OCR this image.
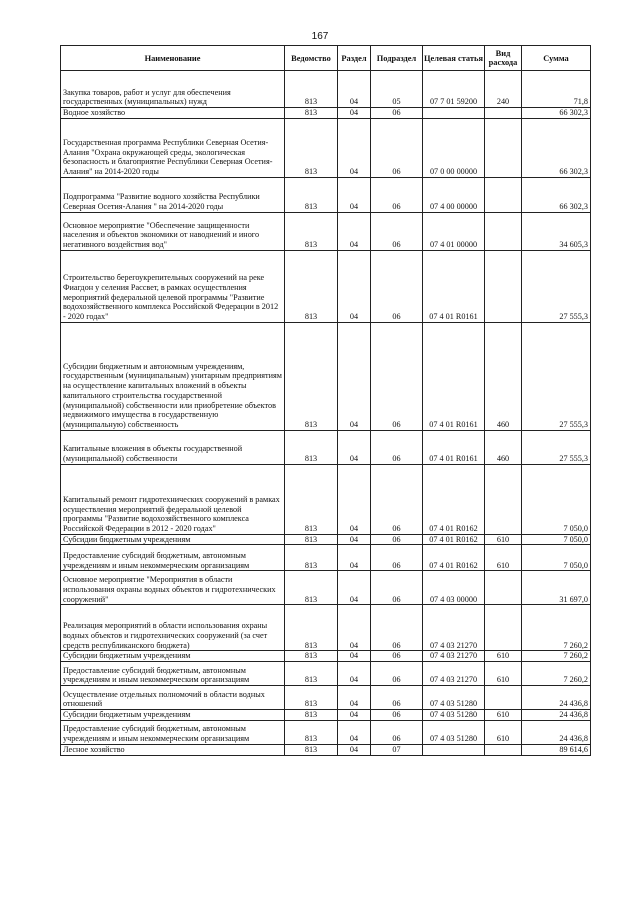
167
Наименование	Ведомство	Раздел	Подраздел	Целевая статья	Вид расхода	Сумма
Закупка товаров, работ и услуг для обеспечения государственных (муниципальных) нужд	813	04	05	07 7 01 59200	240	71,8
Водное хозяйство	813	04	06			66 302,3
Государственная программа Республики Северная Осетия-Алания "Охрана окружающей среды, экологическая безопасность и благоприятие Республики Северная Осетия-Алания" на 2014-2020 годы	813	04	06	07 0 00 00000		66 302,3
Подпрограмма "Развитие водного хозяйства Республики Северная Осетия-Алания " на 2014-2020 годы	813	04	06	07 4 00 00000		66 302,3
Основное мероприятие "Обеспечение защищенности населения и объектов экономики от наводнений и иного негативного воздействия вод"	813	04	06	07 4 01 00000		34 605,3
Строительство берегоукрепительных сооружений на реке Фиагдон у селения Рассвет, в рамках осуществления мероприятий федеральной целевой программы "Развитие водохозяйственного комплекса Российской Федерации в 2012 - 2020 годах"	813	04	06	07 4 01 R0161		27 555,3
Субсидии бюджетным и автономным учреждениям, государственным (муниципальным) унитарным предприятиям на осуществление капитальных вложений в объекты капитального строительства государственной (муниципальной) собственности или приобретение объектов недвижимого имущества в государственную (муниципальную) собственность	813	04	06	07 4 01 R0161	460	27 555,3
Капитальные вложения в объекты государственной (муниципальной) собственности	813	04	06	07 4 01 R0161	460	27 555,3
Капитальный ремонт гидротехнических сооружений в рамках осуществления мероприятий федеральной целевой программы "Развитие водохозяйственного комплекса Российской Федерации в 2012 - 2020 годах"	813	04	06	07 4 01 R0162		7 050,0
Субсидии бюджетным учреждениям	813	04	06	07 4 01 R0162	610	7 050,0
Предоставление субсидий бюджетным, автономным учреждениям и иным некоммерческим организациям	813	04	06	07 4 01 R0162	610	7 050,0
Основное мероприятие "Мероприятия в области использования охраны водных объектов и гидротехнических сооружений"	813	04	06	07 4 03 00000		31 697,0
Реализация мероприятий в области использования охраны водных объектов и гидротехнических сооружений (за счет средств республиканского бюджета)	813	04	06	07 4 03 21270		7 260,2
Субсидии бюджетным учреждениям	813	04	06	07 4 03 21270	610	7 260,2
Предоставление субсидий бюджетным, автономным учреждениям и иным некоммерческим организациям	813	04	06	07 4 03 21270	610	7 260,2
Осуществление отдельных полномочий в области водных отношений	813	04	06	07 4 03 51280		24 436,8
Субсидии бюджетным учреждениям	813	04	06	07 4 03 51280	610	24 436,8
Предоставление субсидий бюджетным, автономным учреждениям и иным некоммерческим организациям	813	04	06	07 4 03 51280	610	24 436,8
Лесное хозяйство	813	04	07			89 614,6
